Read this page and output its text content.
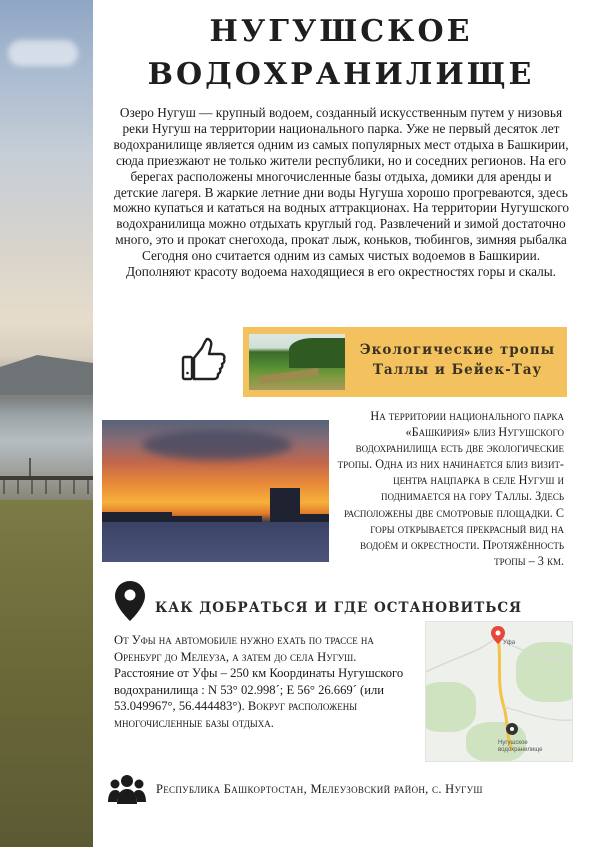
НУГУШСКОЕ
ВОДОХРАНИЛИЩЕ
Озеро Нугуш — крупный водоем, созданный искусственным путем у низовья реки Нугуш на территории национального парка. Уже не первый десяток лет водохранилище является одним из самых популярных мест отдыха в Башкирии, сюда приезжают не только жители республики, но и соседних регионов. На его берегах расположены многочисленные базы отдыха, домики для аренды и детские лагеря. В жаркие летние дни воды Нугуша хорошо прогреваются, здесь можно купаться и кататься на водных аттракционах. На территории Нугушского водохранилища можно отдыхать круглый год. Развлечений и зимой достаточно много, это и прокат снегохода, прокат лыж, коньков, тюбингов, зимняя рыбалка Сегодня оно считается одним из самых чистых водоемов в Башкирии. Дополняют красоту водоема находящиеся в его окрестностях горы и скалы.
Экологические тропы
Таллы и Бейек-Тау
На территории национального парка «Башкирия» близ Нугушского водохранилища есть две экологические тропы. Одна из них начинается близ визит-центра нацпарка в селе Нугуш и поднимается на гору Таллы. Здесь расположены две смотровые площадки. С горы открывается прекрасный вид на водоём и окрестности. Протяжённость тропы – 3 км.
КАК ДОБРАТЬСЯ И ГДЕ ОСТАНОВИТЬСЯ
От Уфы на автомобиле нужно ехать по трассе на Оренбург до Мелеуза, а затем до села Нугуш. Расстояние от Уфы – 250 км Координаты Нугушского водохранилища : N 53° 02.998´; E 56° 26.669´ (или 53.049967°, 56.444483°). Вокруг расположены многочисленные базы отдыха.
Уфа
Нугушское
водохранилище
Республика Башкортостан, Мелеузовский район, с. Нугуш
